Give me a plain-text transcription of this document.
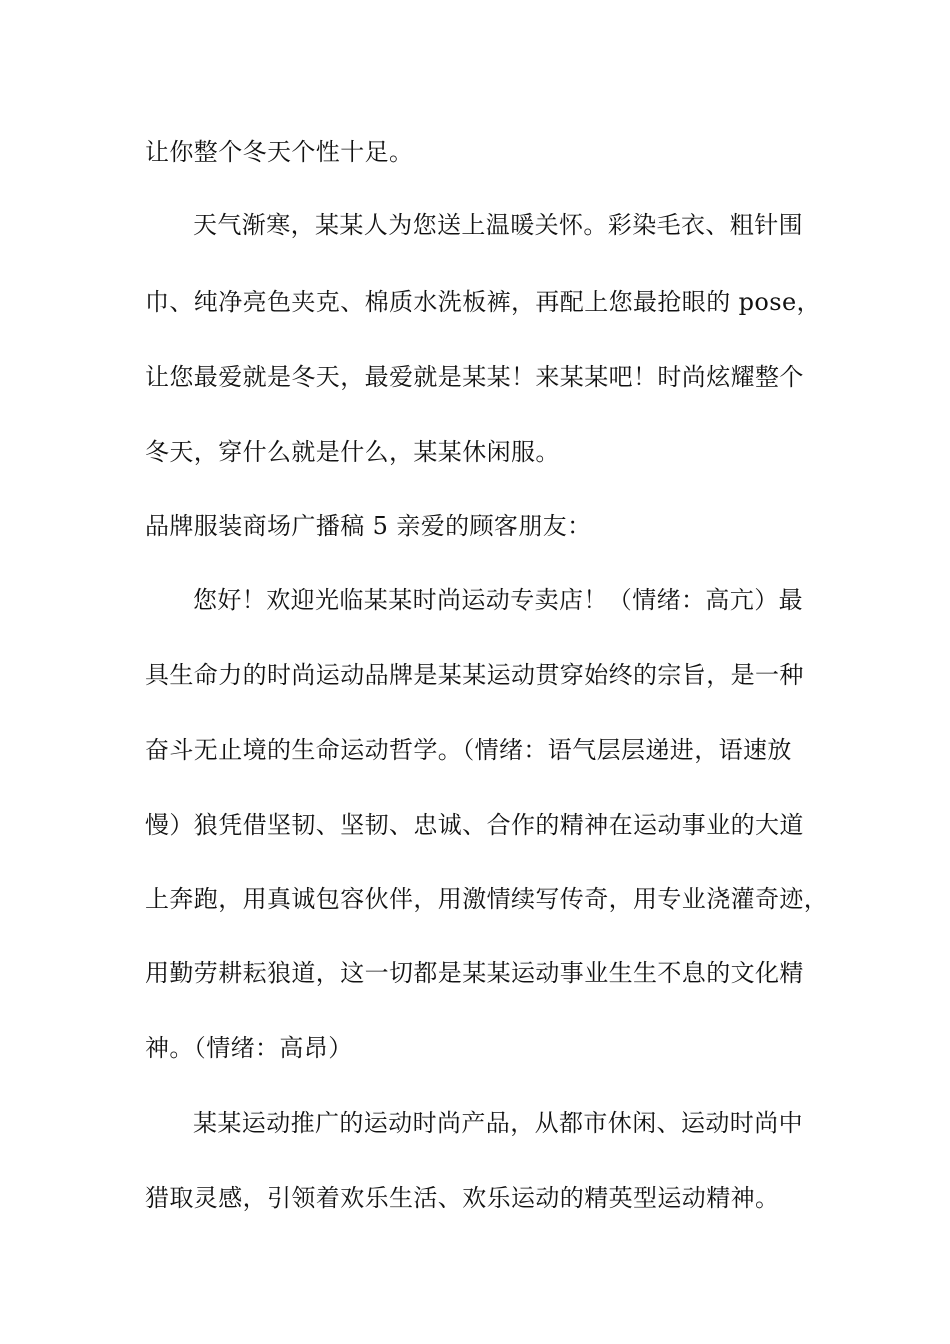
让你整个冬天个性十足。
天气渐寒，某某人为您送上温暖关怀。彩染毛衣、粗针围
巾、纯净亮色夹克、棉质水洗板裤，再配上您最抢眼的 pose，
让您最爱就是冬天，最爱就是某某！来某某吧！时尚炫耀整个
冬天，穿什么就是什么，某某休闲服。
品牌服装商场广播稿 5 亲爱的顾客朋友：
您好！欢迎光临某某时尚运动专卖店！（情绪：高亢）最
具生命力的时尚运动品牌是某某运动贯穿始终的宗旨，是一种
奋斗无止境的生命运动哲学。（情绪：语气层层递进，语速放
慢）狼凭借坚韧、坚韧、忠诚、合作的精神在运动事业的大道
上奔跑，用真诚包容伙伴，用激情续写传奇，用专业浇灌奇迹，
用勤劳耕耘狼道，这一切都是某某运动事业生生不息的文化精
神。（情绪：高昂）
某某运动推广的运动时尚产品，从都市休闲、运动时尚中
猎取灵感，引领着欢乐生活、欢乐运动的精英型运动精神。
